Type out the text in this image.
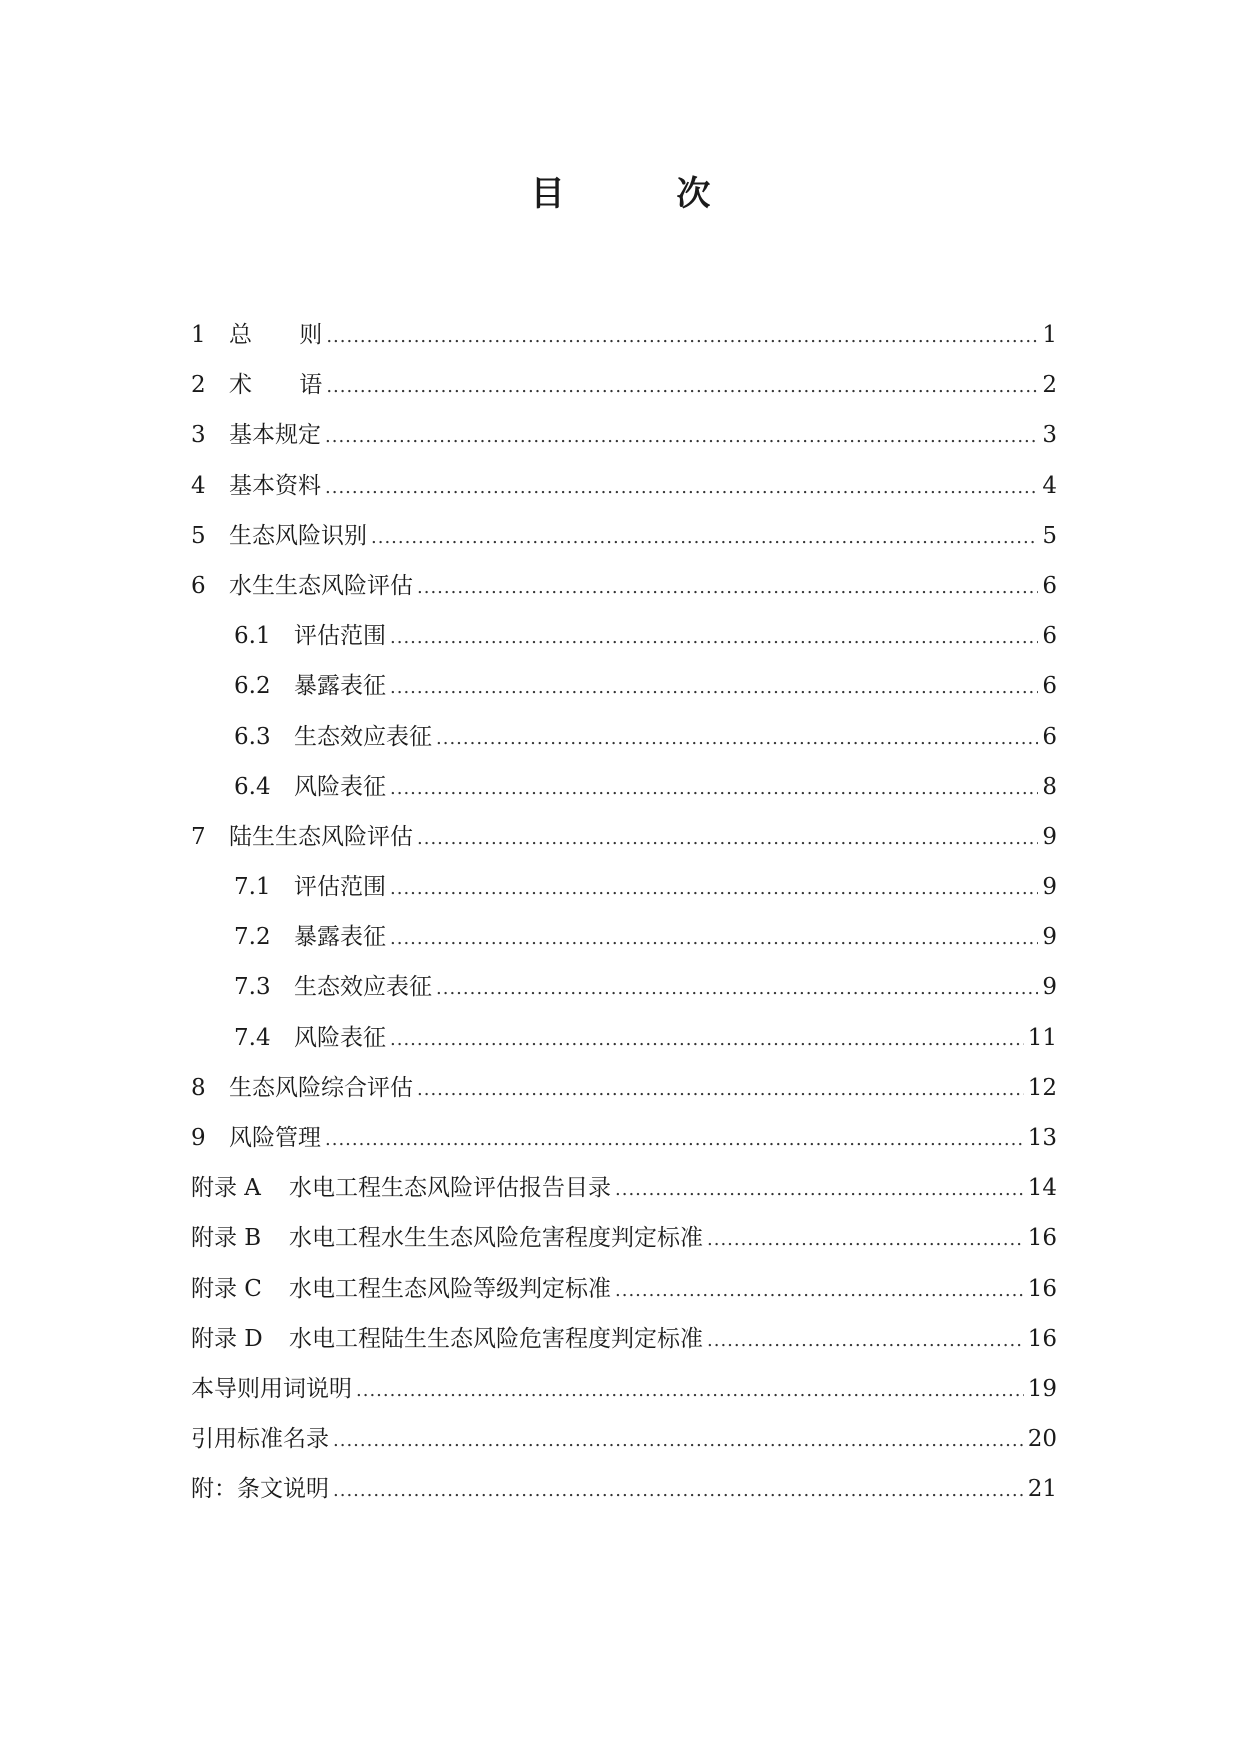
目 次
1	总 则 .....	1
2	术 语 .....	2
3	基本规定 .....	3
4	基本资料 .....	4
5	生态风险识别 .....	5
6	水生生态风险评估 .....	6
6.1	评估范围 .....	6
6.2	暴露表征 .....	6
6.3	生态效应表征 .....	6
6.4	风险表征 .....	8
7	陆生生态风险评估 .....	9
7.1	评估范围 .....	9
7.2	暴露表征 .....	9
7.3	生态效应表征 .....	9
7.4	风险表征 .....	11
8	生态风险综合评估 .....	12
9	风险管理 .....	13
附录 A	水电工程生态风险评估报告目录 .....	14
附录 B	水电工程水生生态风险危害程度判定标准 .....	16
附录 C	水电工程生态风险等级判定标准 .....	16
附录 D	水电工程陆生生态风险危害程度判定标准 .....	16
本导则用词说明 .....	19
引用标准名录 .....	20
附：条文说明 .....	21
